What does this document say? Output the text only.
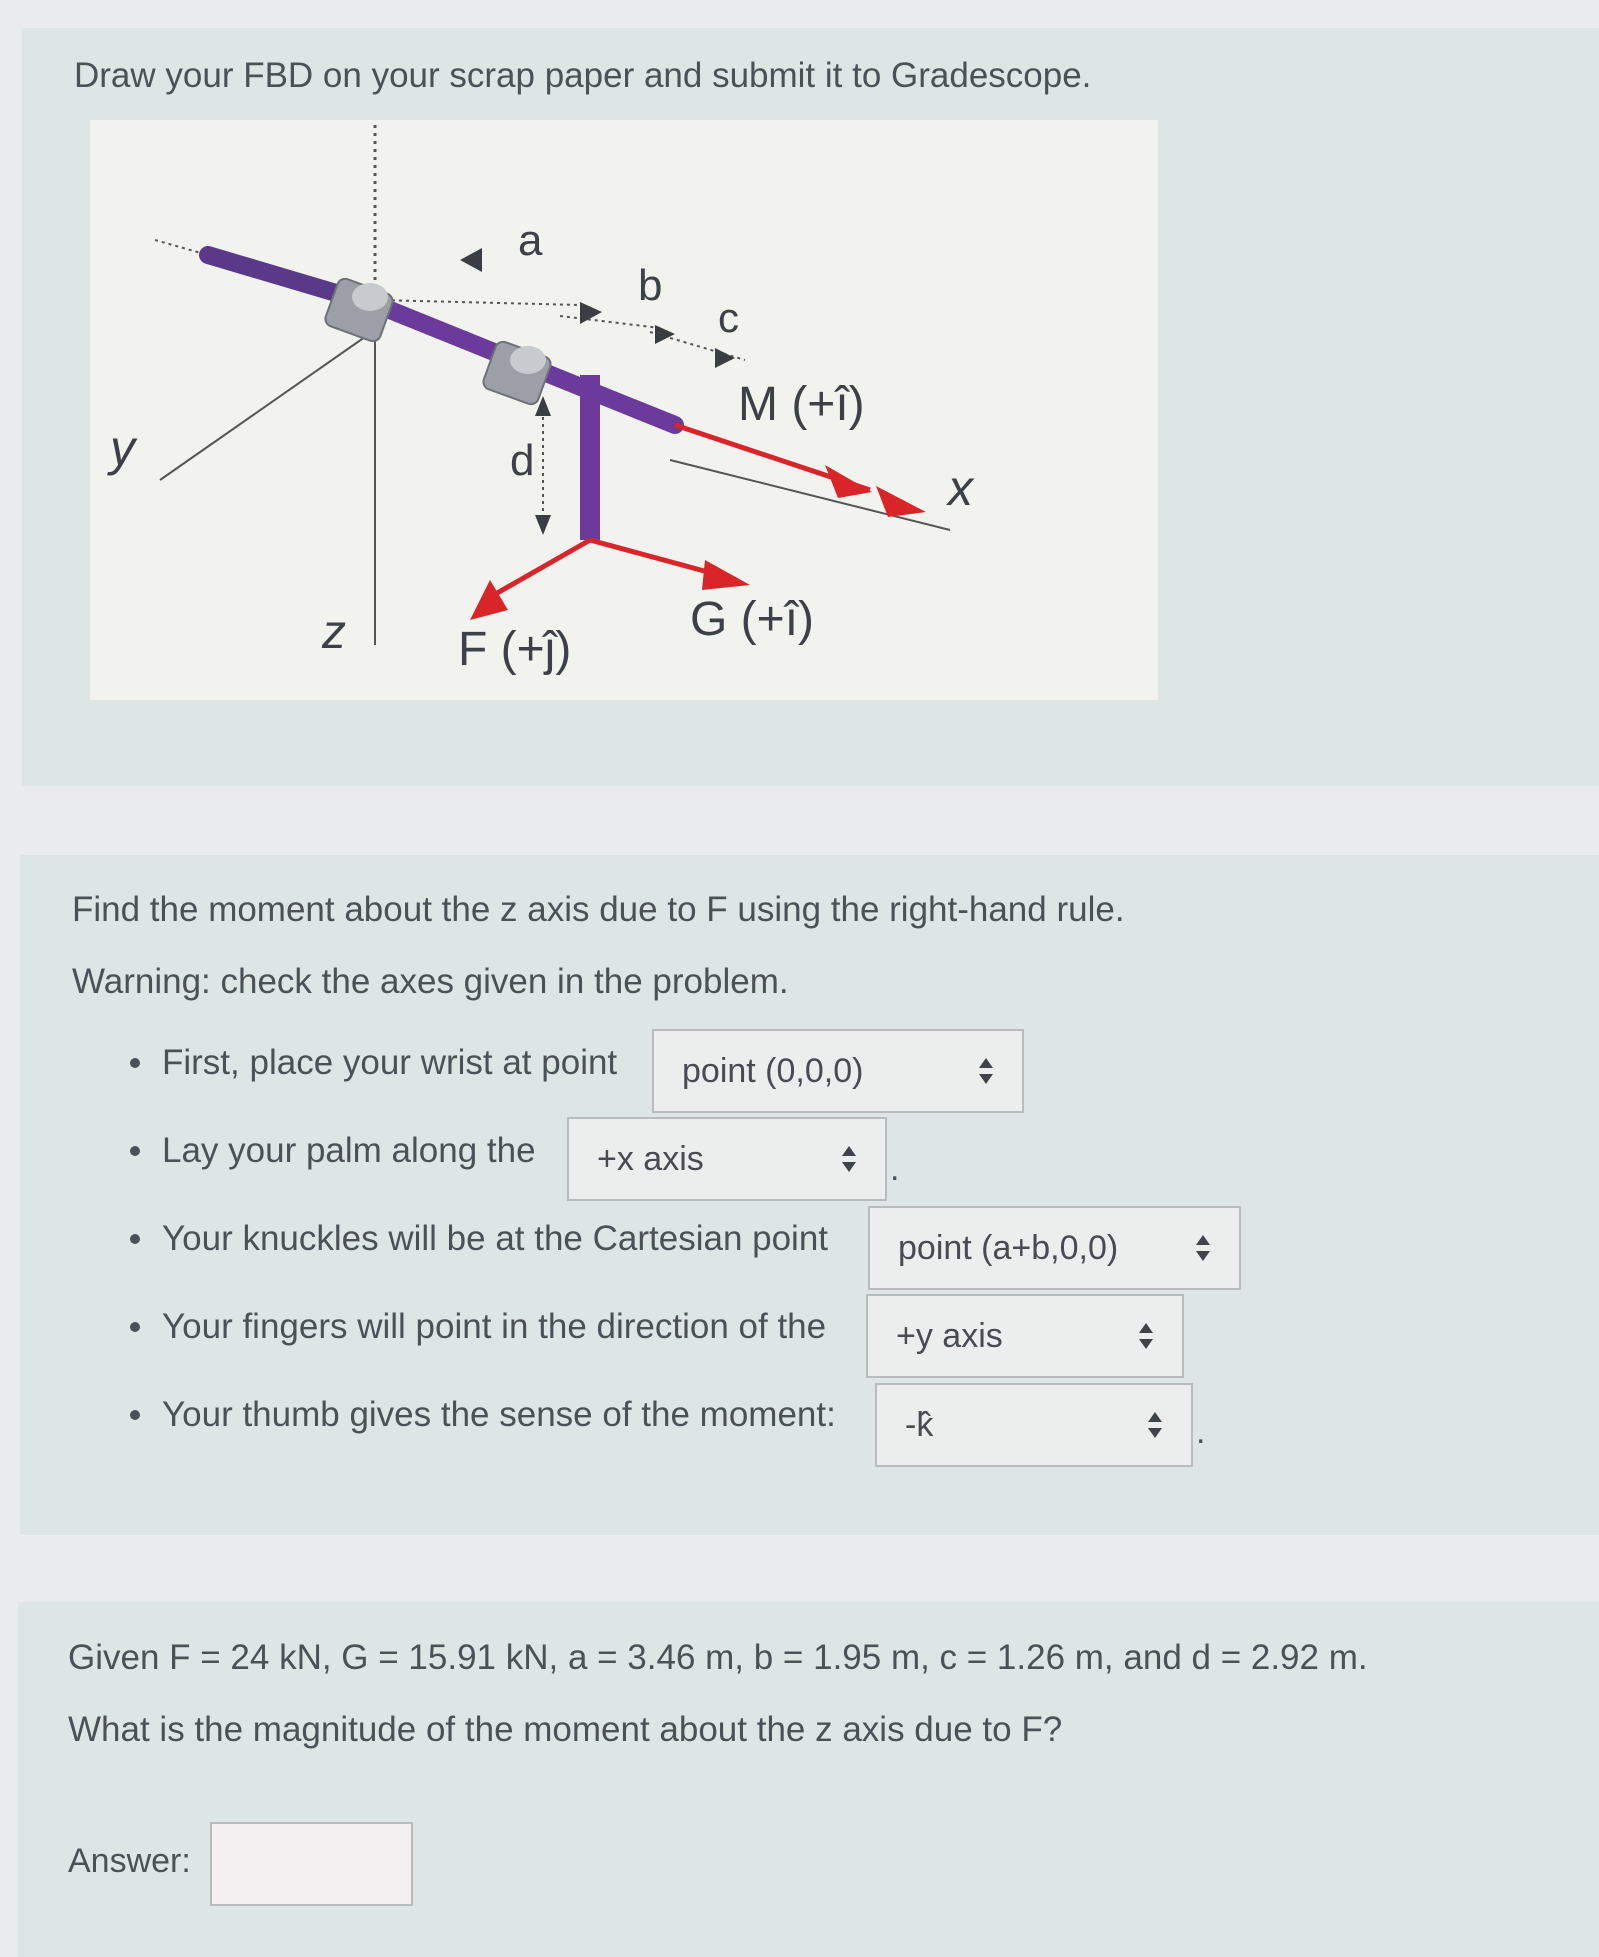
Draw your FBD on your scrap paper and submit it to Gradescope.
a
b
c
d
y
z
x
M (+î)
G (+î)
F (+ĵ)
Find the moment about the z axis due to F using the right-hand rule.
Warning: check the axes given in the problem.
First, place your wrist at point
Lay your palm along the
Your knuckles will be at the Cartesian point
Your fingers will point in the direction of the
Your thumb gives the sense of the moment:
point (0,0,0)
+x axis	.
point (a+b,0,0)
+y axis
-k̂	.
Given F = 24 kN, G = 15.91 kN, a = 3.46 m, b = 1.95 m, c = 1.26 m, and d = 2.92 m.
What is the magnitude of the moment about the z axis due to F?
Answer:
